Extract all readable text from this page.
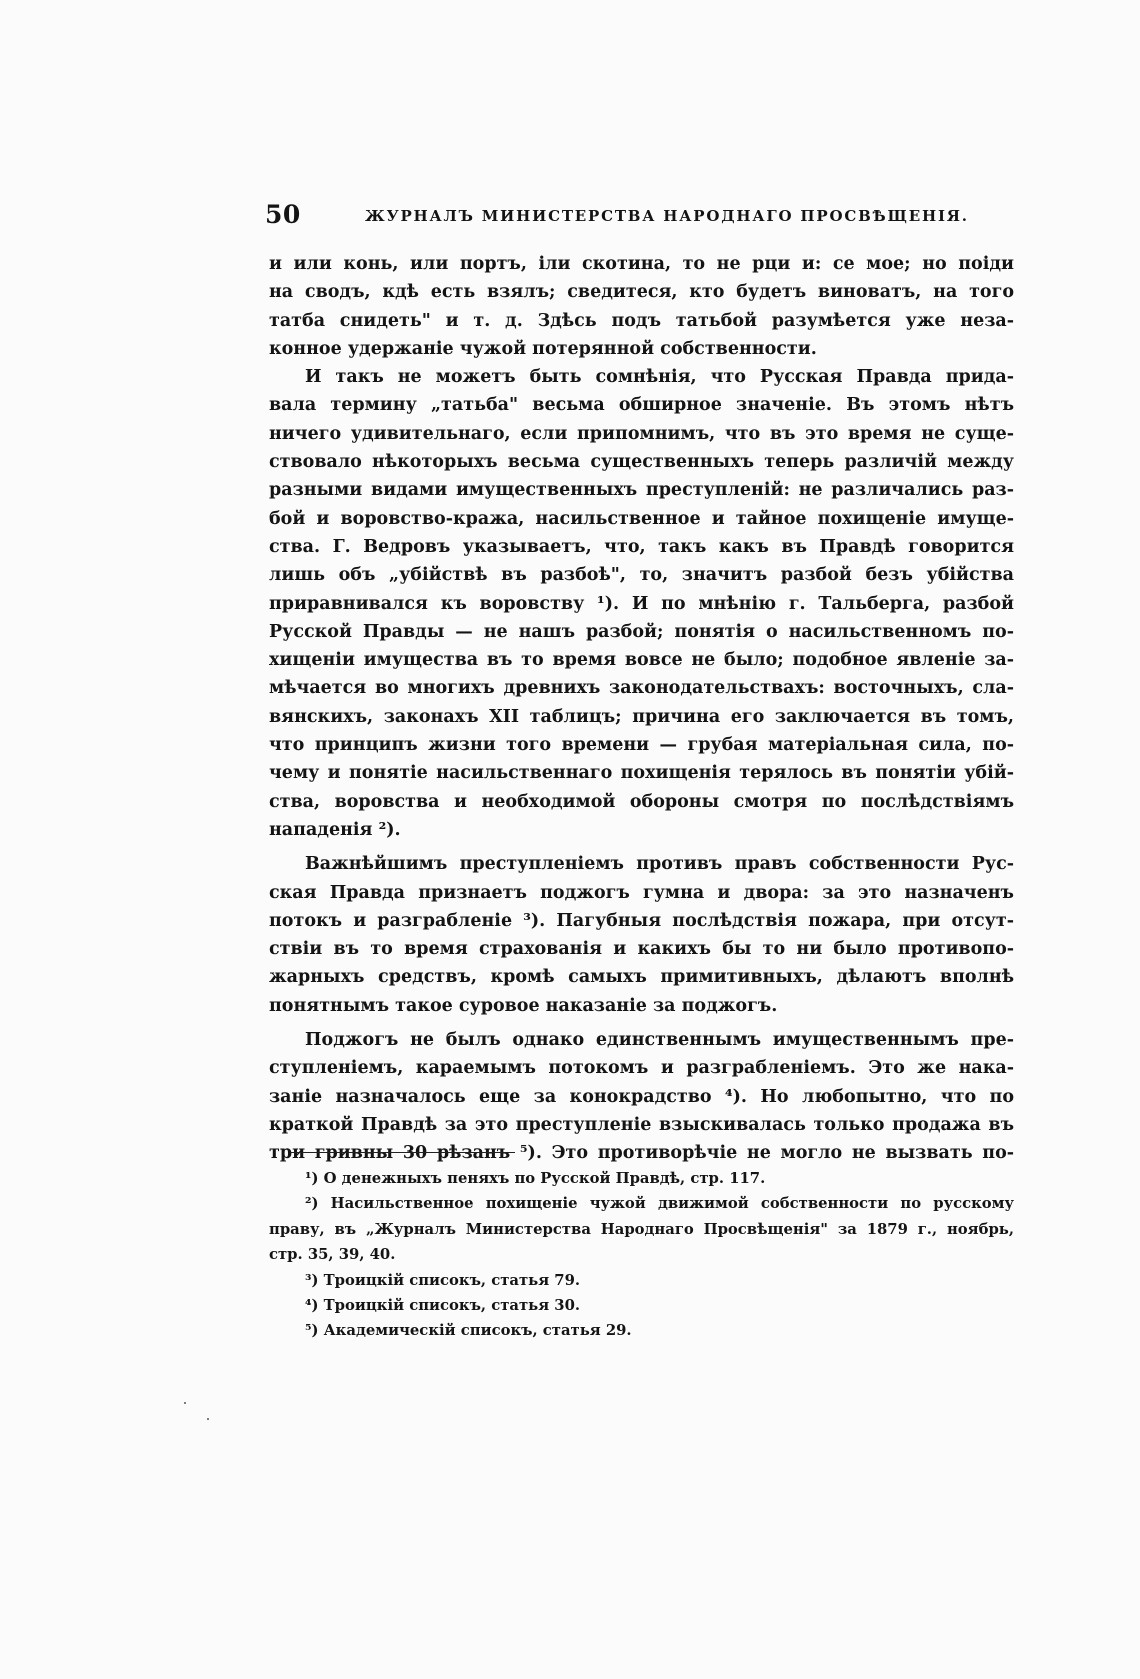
50	ЖУРНАЛЪ МИНИСТЕРСТВА НАРОДНАГО ПРОСВѢЩЕНІЯ.
и или конь, или портъ, іли скотина, то не рци и: се мое; но поіди
на сводъ, кдѣ есть взялъ; сведитеся, кто будетъ виноватъ, на того
татба снидеть" и т. д. Здѣсь подъ татьбой разумѣется уже неза-
конное удержаніе чужой потерянной собственности.
И такъ не можетъ быть сомнѣнія, что Русская Правда прида-
вала термину „татьба" весьма обширное значеніе. Въ этомъ нѣтъ
ничего удивительнаго, если припомнимъ, что въ это время не суще-
ствовало нѣкоторыхъ весьма существенныхъ теперь различій между
разными видами имущественныхъ преступленій: не различались раз-
бой и воровство-кража, насильственное и тайное похищеніе имуще-
ства. Г. Ведровъ указываетъ, что, такъ какъ въ Правдѣ говорится
лишь объ „убійствѣ въ разбоѣ", то, значитъ разбой безъ убійства
приравнивался къ воровству ¹). И по мнѣнію г. Тальберга, разбой
Русской Правды — не нашъ разбой; понятія о насильственномъ по-
хищеніи имущества въ то время вовсе не было; подобное явленіе за-
мѣчается во многихъ древнихъ законодательствахъ: восточныхъ, сла-
вянскихъ, законахъ XII таблицъ; причина его заключается въ томъ,
что принципъ жизни того времени — грубая матеріальная сила, по-
чему и понятіе насильственнаго похищенія терялось въ понятіи убій-
ства, воровства и необходимой обороны смотря по послѣдствіямъ
нападенія ²).
Важнѣйшимъ преступленіемъ противъ правъ собственности Рус-
ская Правда признаетъ поджогъ гумна и двора: за это назначенъ
потокъ и разграбленіе ³). Пагубныя послѣдствія пожара, при отсут-
ствіи въ то время страхованія и какихъ бы то ни было противопо-
жарныхъ средствъ, кромѣ самыхъ примитивныхъ, дѣлаютъ вполнѣ
понятнымъ такое суровое наказаніе за поджогъ.
Поджогъ не былъ однако единственнымъ имущественнымъ пре-
ступленіемъ, караемымъ потокомъ и разграбленіемъ. Это же нака-
заніе назначалось еще за конокрадство ⁴). Но любопытно, что по
краткой Правдѣ за это преступленіе взыскивалась только продажа въ
три гривны 30 рѣзанъ ⁵). Это противорѣчіе не могло не вызвать по-
¹) О денежныхъ пеняхъ по Русской Правдѣ, стр. 117.
²) Насильственное похищеніе чужой движимой собственности по русскому
праву, въ „Журналъ Министерства Народнаго Просвѣщенія" за 1879 г., ноябрь,
стр. 35, 39, 40.
³) Троицкій списокъ, статья 79.
⁴) Троицкій списокъ, статья 30.
⁵) Академическій списокъ, статья 29.
